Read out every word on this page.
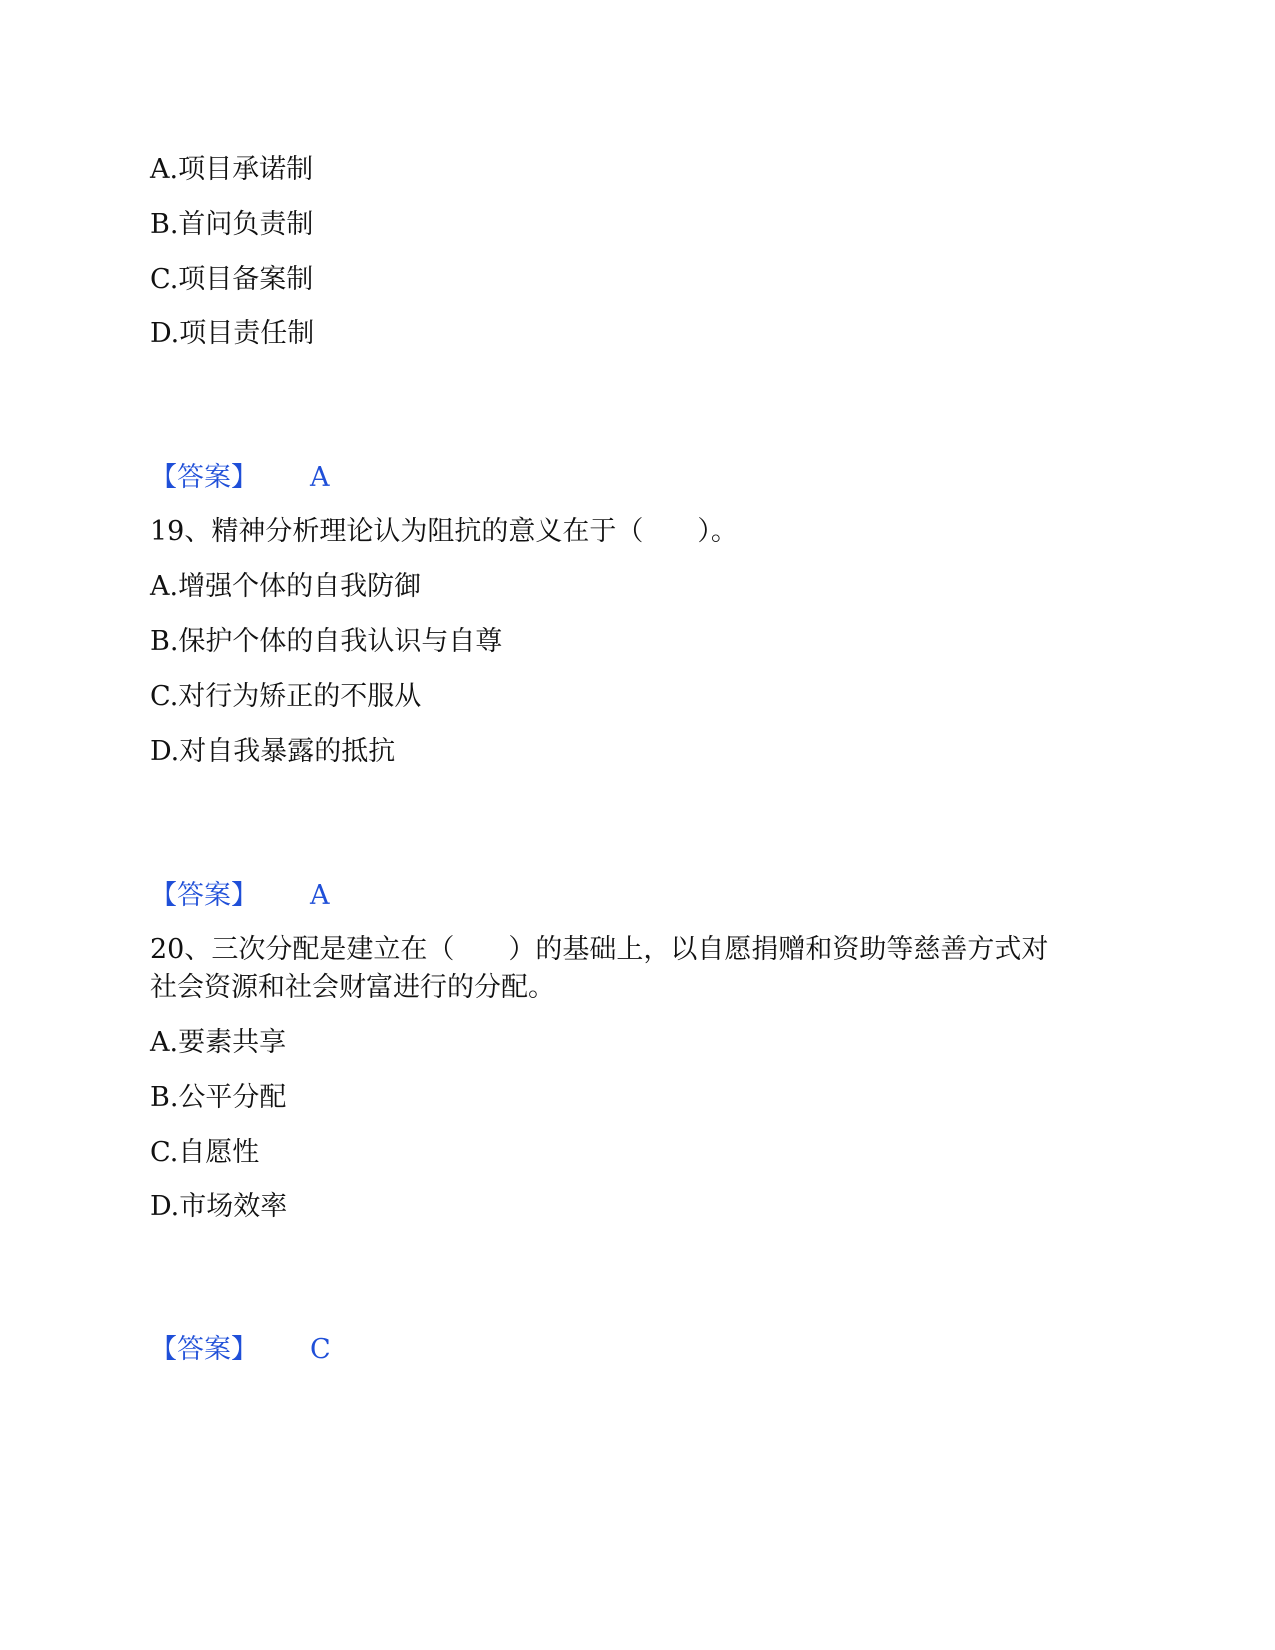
A.项目承诺制
B.首问负责制
C.项目备案制
D.项目责任制
【答案】 A
19、精神分析理论认为阻抗的意义在于（　　）。
A.增强个体的自我防御
B.保护个体的自我认识与自尊
C.对行为矫正的不服从
D.对自我暴露的抵抗
【答案】 A
20、三次分配是建立在（　　）的基础上，以自愿捐赠和资助等慈善方式对
社会资源和社会财富进行的分配。
A.要素共享
B.公平分配
C.自愿性
D.市场效率
【答案】 C
